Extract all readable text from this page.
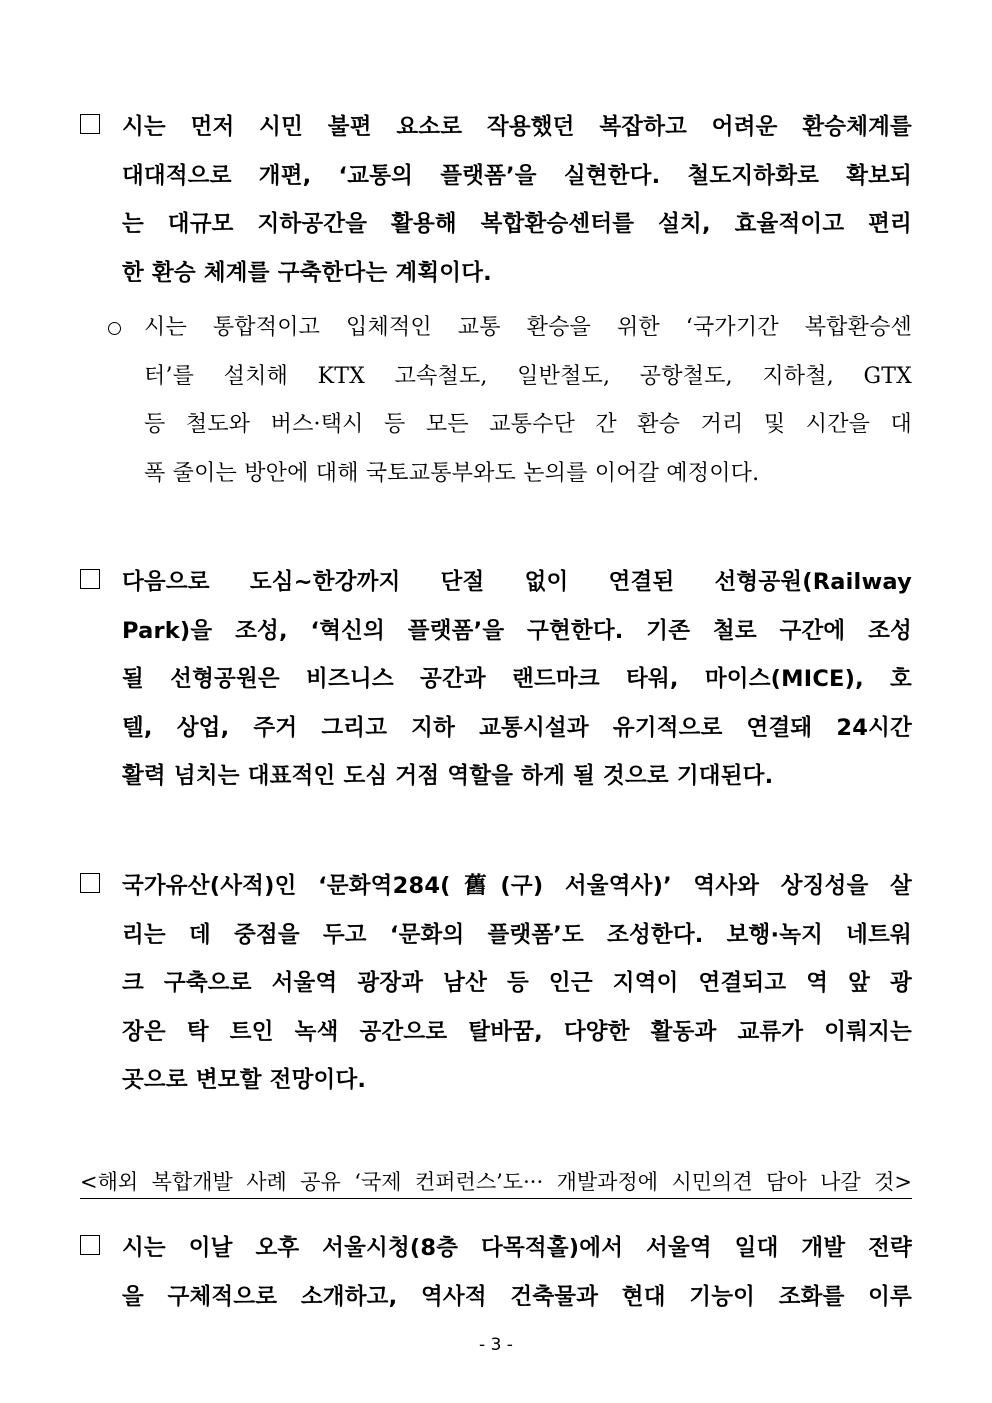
시는 먼저 시민 불편 요소로 작용했던 복잡하고 어려운 환승체계를
대대적으로 개편, ‘교통의 플랫폼’을 실현한다. 철도지하화로 확보되
는 대규모 지하공간을 활용해 복합환승센터를 설치, 효율적이고 편리
한 환승 체계를 구축한다는 계획이다.
시는 통합적이고 입체적인 교통 환승을 위한 ‘국가기간 복합환승센
터’를 설치해 KTX 고속철도, 일반철도, 공항철도, 지하철, GTX
등 철도와 버스·택시 등 모든 교통수단 간 환승 거리 및 시간을 대
폭 줄이는 방안에 대해 국토교통부와도 논의를 이어갈 예정이다.
다음으로 도심~한강까지 단절 없이 연결된 선형공원(Railway
Park)을 조성, ‘혁신의 플랫폼’을 구현한다. 기존 철로 구간에 조성
될 선형공원은 비즈니스 공간과 랜드마크 타워, 마이스(MICE), 호
텔, 상업, 주거 그리고 지하 교통시설과 유기적으로 연결돼 24시간
활력 넘치는 대표적인 도심 거점 역할을 하게 될 것으로 기대된다.
국가유산(사적)인 ‘문화역284(舊(구) 서울역사)’ 역사와 상징성을 살
리는 데 중점을 두고 ‘문화의 플랫폼’도 조성한다. 보행·녹지 네트워
크 구축으로 서울역 광장과 남산 등 인근 지역이 연결되고 역 앞 광
장은 탁 트인 녹색 공간으로 탈바꿈, 다양한 활동과 교류가 이뤄지는
곳으로 변모할 전망이다.
<해외 복합개발 사례 공유 ‘국제 컨퍼런스’도··· 개발과정에 시민의견 담아 나갈 것>
시는 이날 오후 서울시청(8층 다목적홀)에서 서울역 일대 개발 전략
을 구체적으로 소개하고, 역사적 건축물과 현대 기능이 조화를 이루
- 3 -
